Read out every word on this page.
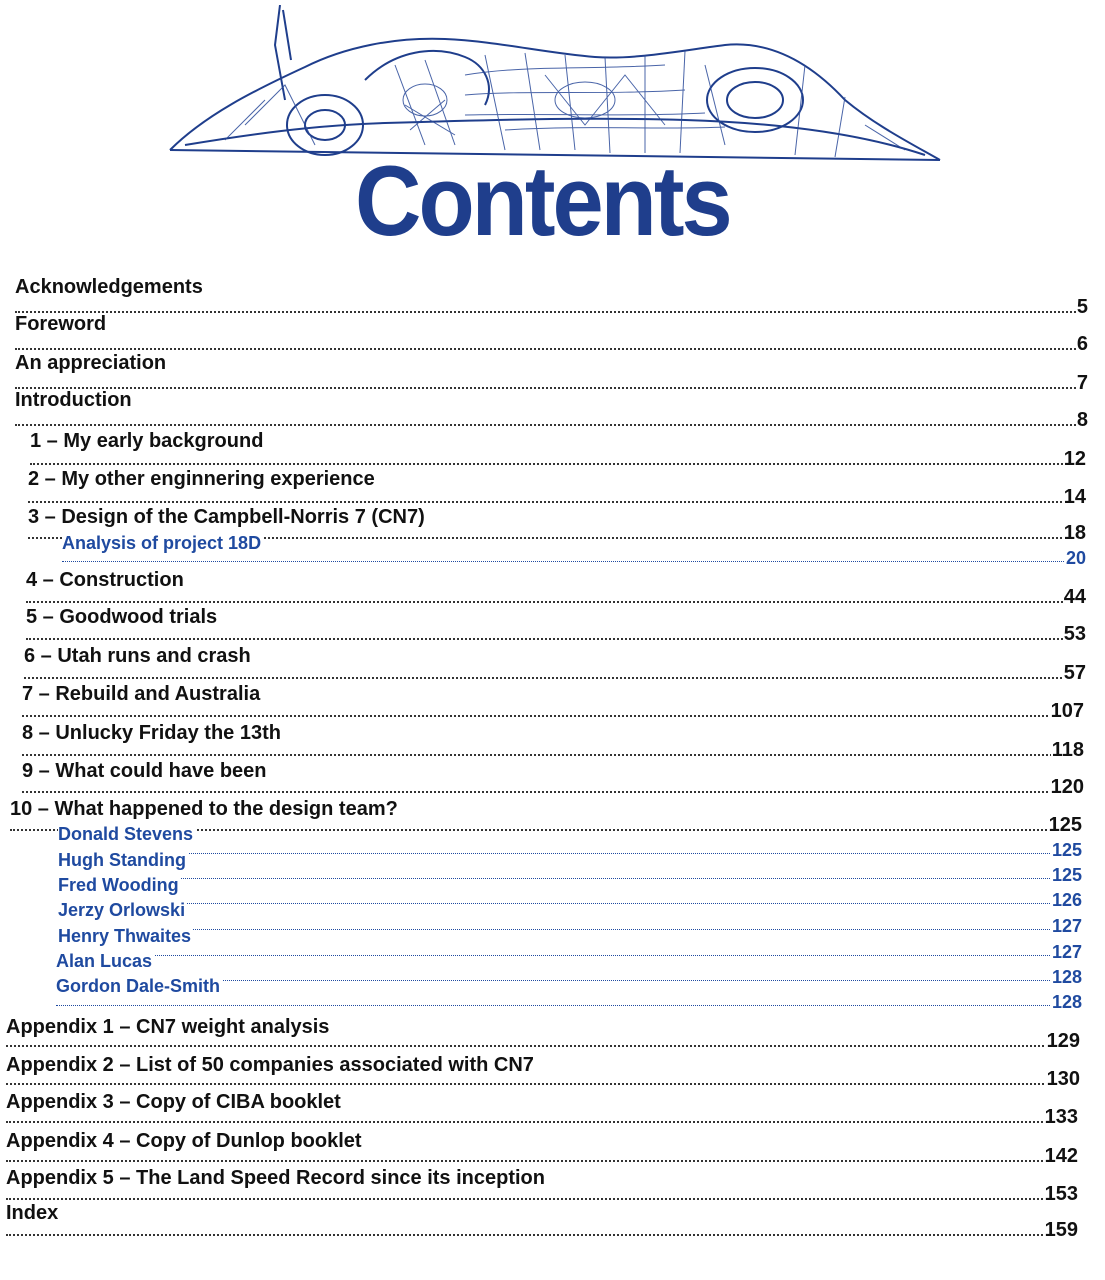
Contents
Acknowledgements
5
Foreword
6
An appreciation
7
Introduction
8
1 – My early background
12
2 – My other enginnering experience
14
3 – Design of the Campbell-Norris 7 (CN7)
18
Analysis of project 18D
20
4 – Construction
44
5 – Goodwood trials
53
6 – Utah runs and crash
57
7 – Rebuild and Australia
107
8 – Unlucky Friday the 13th
118
9 – What could have been
120
10 – What happened to the design team?
125
Donald Stevens
125
Hugh Standing
125
Fred Wooding
126
Jerzy Orlowski
127
Henry Thwaites
127
Alan Lucas
128
Gordon Dale-Smith
128
Appendix 1 – CN7 weight analysis
129
Appendix 2 – List of 50 companies associated with CN7
130
Appendix 3 – Copy of CIBA booklet
133
Appendix 4 – Copy of Dunlop booklet
142
Appendix 5 – The Land Speed Record since its inception
153
Index
159
